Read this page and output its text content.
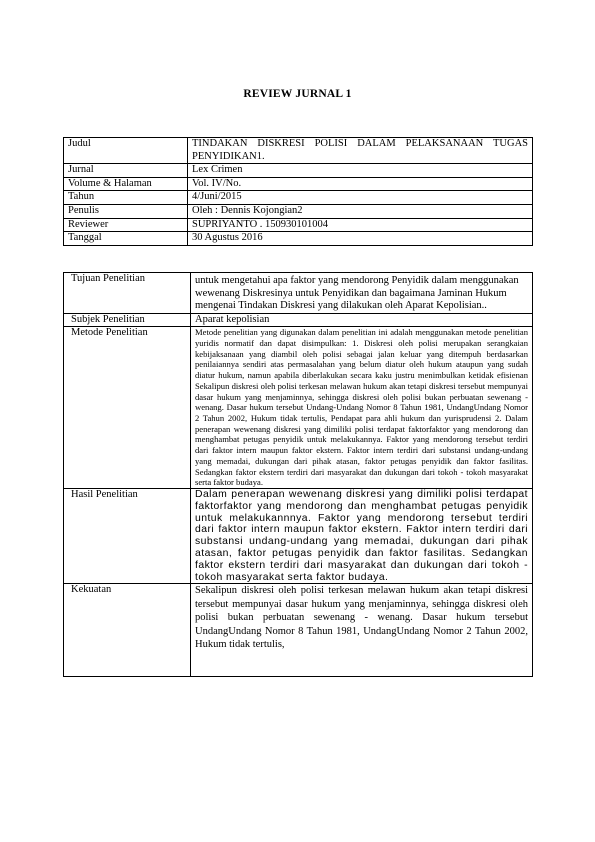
REVIEW JURNAL 1
Judul	TINDAKAN DISKRESI POLISI DALAM PELAKSANAAN TUGAS PENYIDIKAN1.
Jurnal	Lex Crimen
Volume & Halaman	Vol. IV/No.
Tahun	4/Juni/2015
Penulis	Oleh : Dennis Kojongian2
Reviewer	SUPRIYANTO . 150930101004
Tanggal	30 Agustus 2016
Tujuan Penelitian	untuk mengetahui apa faktor yang mendorong Penyidik dalam menggunakan wewenang Diskresinya untuk Penyidikan dan bagaimana Jaminan Hukum mengenai Tindakan Diskresi yang dilakukan oleh Aparat Kepolisian..
Subjek Penelitian	Aparat kepolisian
Metode Penelitian	Metode penelitian yang digunakan dalam penelitian ini adalah menggunakan metode penelitian yuridis normatif dan dapat disimpulkan: 1. Diskresi oleh polisi merupakan serangkaian kebijaksanaan yang diambil oleh polisi sebagai jalan keluar yang ditempuh berdasarkan penilaiannya sendiri atas permasalahan yang belum diatur oleh hukum ataupun yang sudah diatur hukum, namun apabila diberlakukan secara kaku justru menimbulkan ketidak efisienan Sekalipun diskresi oleh polisi terkesan melawan hukum akan tetapi diskresi tersebut mempunyai dasar hukum yang menjaminnya, sehingga diskresi oleh polisi bukan perbuatan sewenang - wenang. Dasar hukum tersebut Undang-Undang Nomor 8 Tahun 1981, UndangUndang Nomor 2 Tahun 2002, Hukum tidak tertulis, Pendapat para ahli hukum dan yurisprudensi 2. Dalam penerapan wewenang diskresi yang dimiliki polisi terdapat faktorfaktor yang mendorong dan menghambat petugas penyidik untuk melakukannya. Faktor yang mendorong tersebut terdiri dari faktor intern maupun faktor ekstern. Faktor intern terdiri dari substansi undang-undang yang memadai, dukungan dari pihak atasan, faktor petugas penyidik dan faktor fasilitas. Sedangkan faktor ekstern terdiri dari masyarakat dan dukungan dari tokoh - tokoh masyarakat serta faktor budaya.
Hasil Penelitian	Dalam penerapan wewenang diskresi yang dimiliki polisi terdapat faktorfaktor yang mendorong dan menghambat petugas penyidik untuk melakukannnya. Faktor yang mendorong tersebut terdiri dari faktor intern maupun faktor ekstern. Faktor intern terdiri dari substansi undang-undang yang memadai, dukungan dari pihak atasan, faktor petugas penyidik dan faktor fasilitas. Sedangkan faktor ekstern terdiri dari masyarakat dan dukungan dari tokoh - tokoh masyarakat serta faktor budaya.
Kekuatan	Sekalipun diskresi oleh polisi terkesan melawan hukum akan tetapi diskresi tersebut mempunyai dasar hukum yang menjaminnya, sehingga diskresi oleh polisi bukan perbuatan sewenang - wenang. Dasar hukum tersebut UndangUndang Nomor 8 Tahun 1981, UndangUndang Nomor 2 Tahun 2002, Hukum tidak tertulis,
